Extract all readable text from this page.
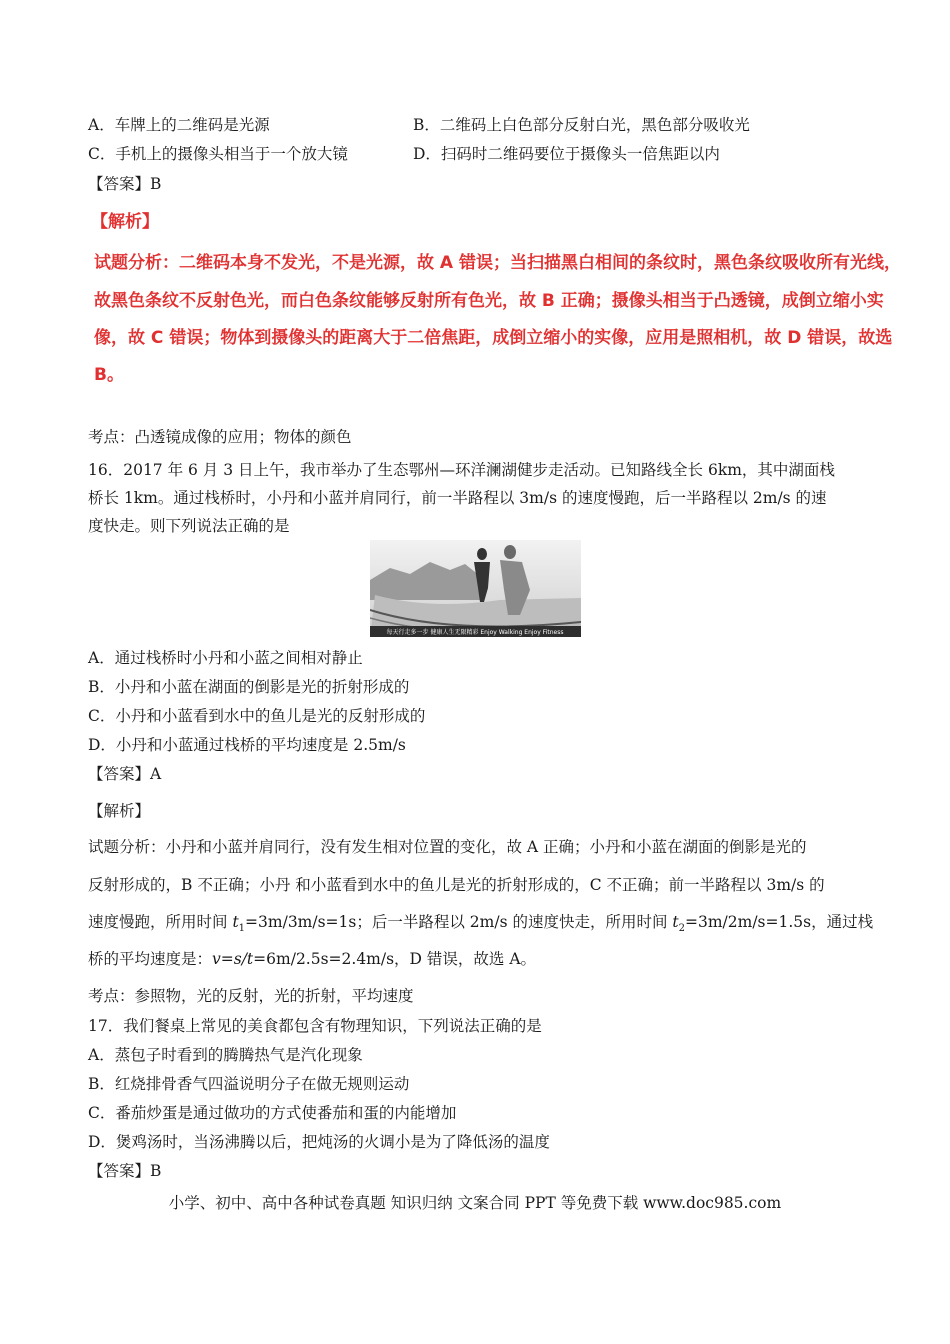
A．车牌上的二维码是光源	B．二维码上白色部分反射白光，黑色部分吸收光
C．手机上的摄像头相当于一个放大镜	D．扫码时二维码要位于摄像头一倍焦距以内
【答案】B
【解析】
试题分析：二维码本身不发光，不是光源，故 A 错误；当扫描黑白相间的条纹时，黑色条纹吸收所有光线，
故黑色条纹不反射色光，而白色条纹能够反射所有色光，故 B 正确；摄像头相当于凸透镜，成倒立缩小实
像，故 C 错误；物体到摄像头的距离大于二倍焦距，成倒立缩小的实像，应用是照相机，故 D 错误，故选
B。
考点：凸透镜成像的应用；物体的颜色
16．2017 年 6 月 3 日上午，我市举办了生态鄂州—环洋澜湖健步走活动。已知路线全长 6km，其中湖面栈
桥长 1km。通过栈桥时，小丹和小蓝并肩同行，前一半路程以 3m/s 的速度慢跑，后一半路程以 2m/s 的速
度快走。则下列说法正确的是
每天行走多一步 健康人生无限精彩 Enjoy Walking Enjoy Fitness
A．通过栈桥时小丹和小蓝之间相对静止
B．小丹和小蓝在湖面的倒影是光的折射形成的
C．小丹和小蓝看到水中的鱼儿是光的反射形成的
D．小丹和小蓝通过栈桥的平均速度是 2.5m/s
【答案】A
【解析】
试题分析：小丹和小蓝并肩同行，没有发生相对位置的变化，故 A 正确；小丹和小蓝在湖面的倒影是光的
反射形成的，B 不正确；小丹 和小蓝看到水中的鱼儿是光的折射形成的，C 不正确；前一半路程以 3m/s 的
速度慢跑，所用时间 $t_1=3m/3m/s=1s$；后一半路程以 2m/s 的速度快走，所用时间 $t_2=3m/2m/s=1.5s$，通过栈
桥的平均速度是：v=s/t=6m/2.5s=2.4m/s，D 错误，故选 A。
考点：参照物，光的反射，光的折射，平均速度
17．我们餐桌上常见的美食都包含有物理知识，下列说法正确的是
A．蒸包子时看到的腾腾热气是汽化现象
B．红烧排骨香气四溢说明分子在做无规则运动
C．番茄炒蛋是通过做功的方式使番茄和蛋的内能增加
D．煲鸡汤时，当汤沸腾以后，把炖汤的火调小是为了降低汤的温度
【答案】B
小学、初中、高中各种试卷真题 知识归纳 文案合同 PPT 等免费下载 www.doc985.com
